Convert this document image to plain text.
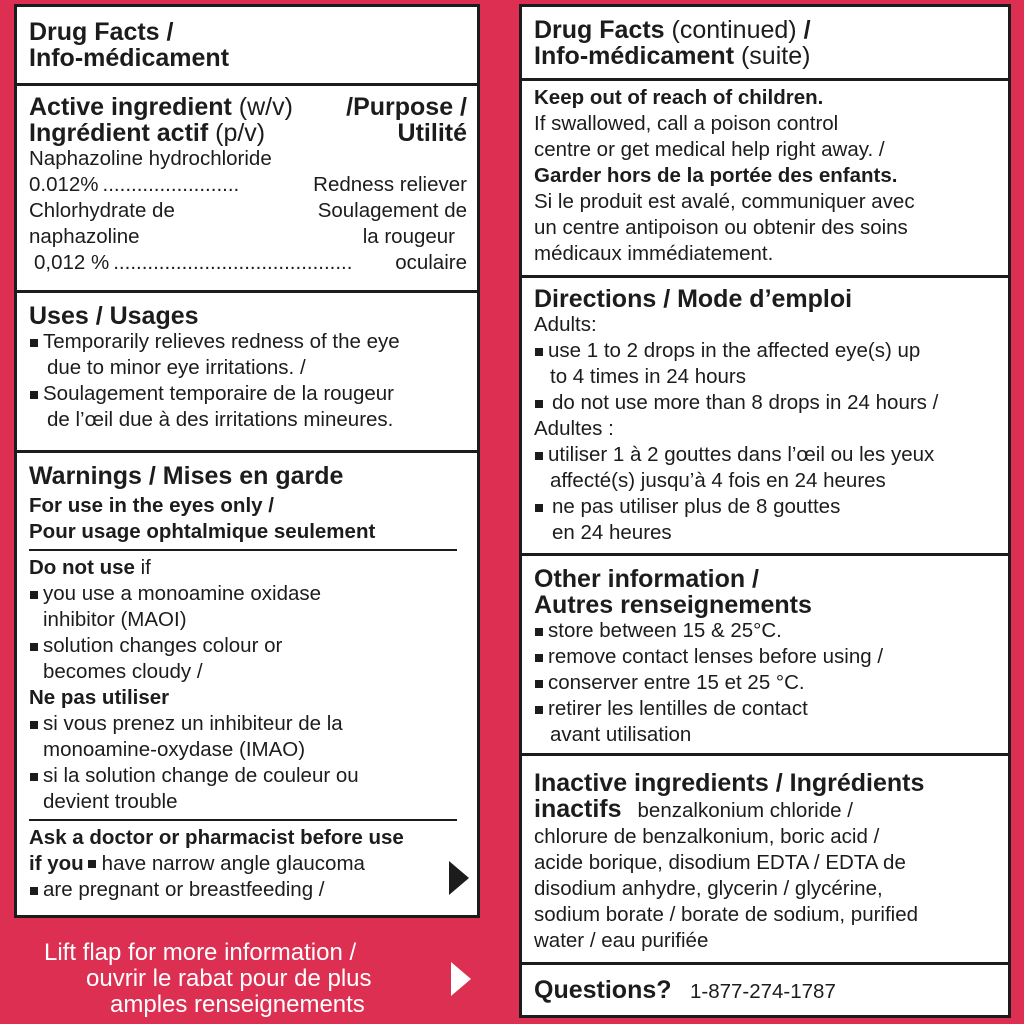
Drug Facts /
Info-médicament
Active ingredient (w/v) /Purpose /
Ingrédient actif (p/v)	Utilité
Naphazoline hydrochloride
0.012% ........................	Redness reliever
Chlorhydrate de	Soulagement de
naphazoline	la rougeur
0,012 % ..........................................	oculaire
Uses / Usages
Temporarily relieves redness of the eye
due to minor eye irritations. /
Soulagement temporaire de la rougeur
de l’œil due à des irritations mineures.
Warnings / Mises en garde
For use in the eyes only /
Pour usage ophtalmique seulement
Do not use if
you use a monoamine oxidase
inhibitor (MAOI)
solution changes colour or
becomes cloudy /
Ne pas utiliser
si vous prenez un inhibiteur de la
monoamine-oxydase (IMAO)
si la solution change de couleur ou
devient trouble
Ask a doctor or pharmacist before use
if you have narrow angle glaucoma
are pregnant or breastfeeding /
Lift flap for more information /
ouvrir le rabat pour de plus
amples renseignements
Drug Facts (continued) /
Info-médicament (suite)
Keep out of reach of children.
If swallowed, call a poison control
centre or get medical help right away. /
Garder hors de la portée des enfants.
Si le produit est avalé, communiquer avec
un centre antipoison ou obtenir des soins
médicaux immédiatement.
Directions / Mode d’emploi
Adults:
use 1 to 2 drops in the affected eye(s) up
to 4 times in 24 hours
do not use more than 8 drops in 24 hours /
Adultes :
utiliser 1 à 2 gouttes dans l’œil ou les yeux
affecté(s) jusqu’à 4 fois en 24 heures
ne pas utiliser plus de 8 gouttes
en 24 heures
Other information /
Autres renseignements
store between 15 & 25°C.
remove contact lenses before using /
conserver entre 15 et 25 °C.
retirer les lentilles de contact
avant utilisation
Inactive ingredients / Ingrédients
inactifs benzalkonium chloride /
chlorure de benzalkonium, boric acid /
acide borique, disodium EDTA / EDTA de
disodium anhydre, glycerin / glycérine,
sodium borate / borate de sodium, purified
water / eau purifiée
Questions? 1-877-274-1787
